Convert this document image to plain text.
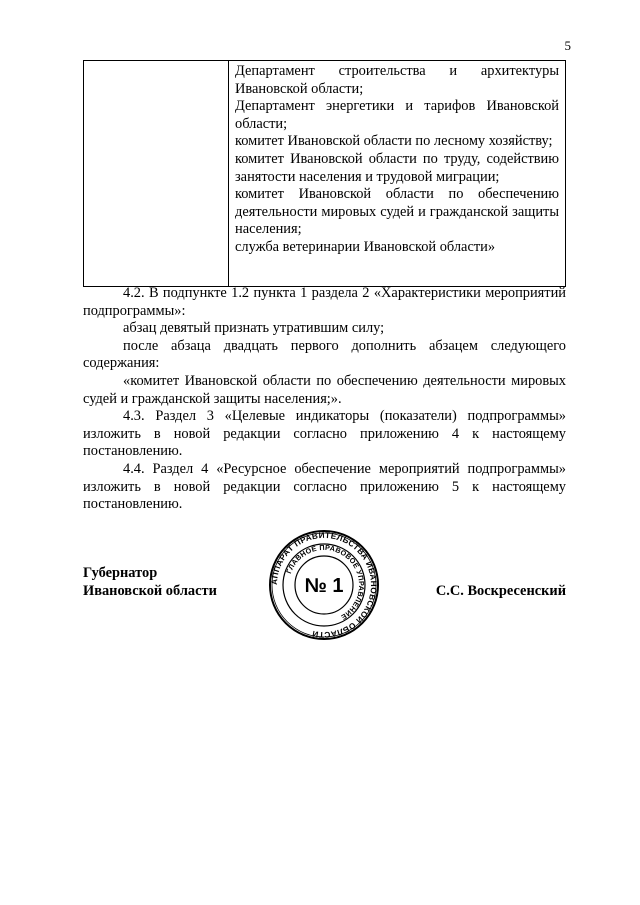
5
Департамент строительства и архитектуры Ивановской области;
Департамент энергетики и тарифов Ивановской области;
комитет Ивановской области по лесному хозяйству;
комитет Ивановской области по труду, содействию занятости населения и трудовой миграции;
комитет Ивановской области по обеспечению деятельности мировых судей и гражданской защиты населения;
служба ветеринарии Ивановской области»

4.2. В подпункте 1.2 пункта 1 раздела 2 «Характеристики мероприятий подпрограммы»:

абзац девятый признать утратившим силу;

после абзаца двадцать первого дополнить абзацем следующего содержания:

«комитет Ивановской области по обеспечению деятельности мировых судей и гражданской защиты населения;».

4.3. Раздел 3 «Целевые индикаторы (показатели) подпрограммы» изложить в новой редакции согласно приложению 4 к настоящему постановлению.

4.4. Раздел 4 «Ресурсное обеспечение мероприятий подпрограммы» изложить в новой редакции согласно приложению 5 к настоящему постановлению.

Губернатор
Ивановской области	С.С. Воскресенский
АППАРАТ ПРАВИТЕЛЬСТВА ИВАНОВСКОЙ ОБЛАСТИ
ГЛАВНОЕ ПРАВОВОЕ УПРАВЛЕНИЕ
№ 1
